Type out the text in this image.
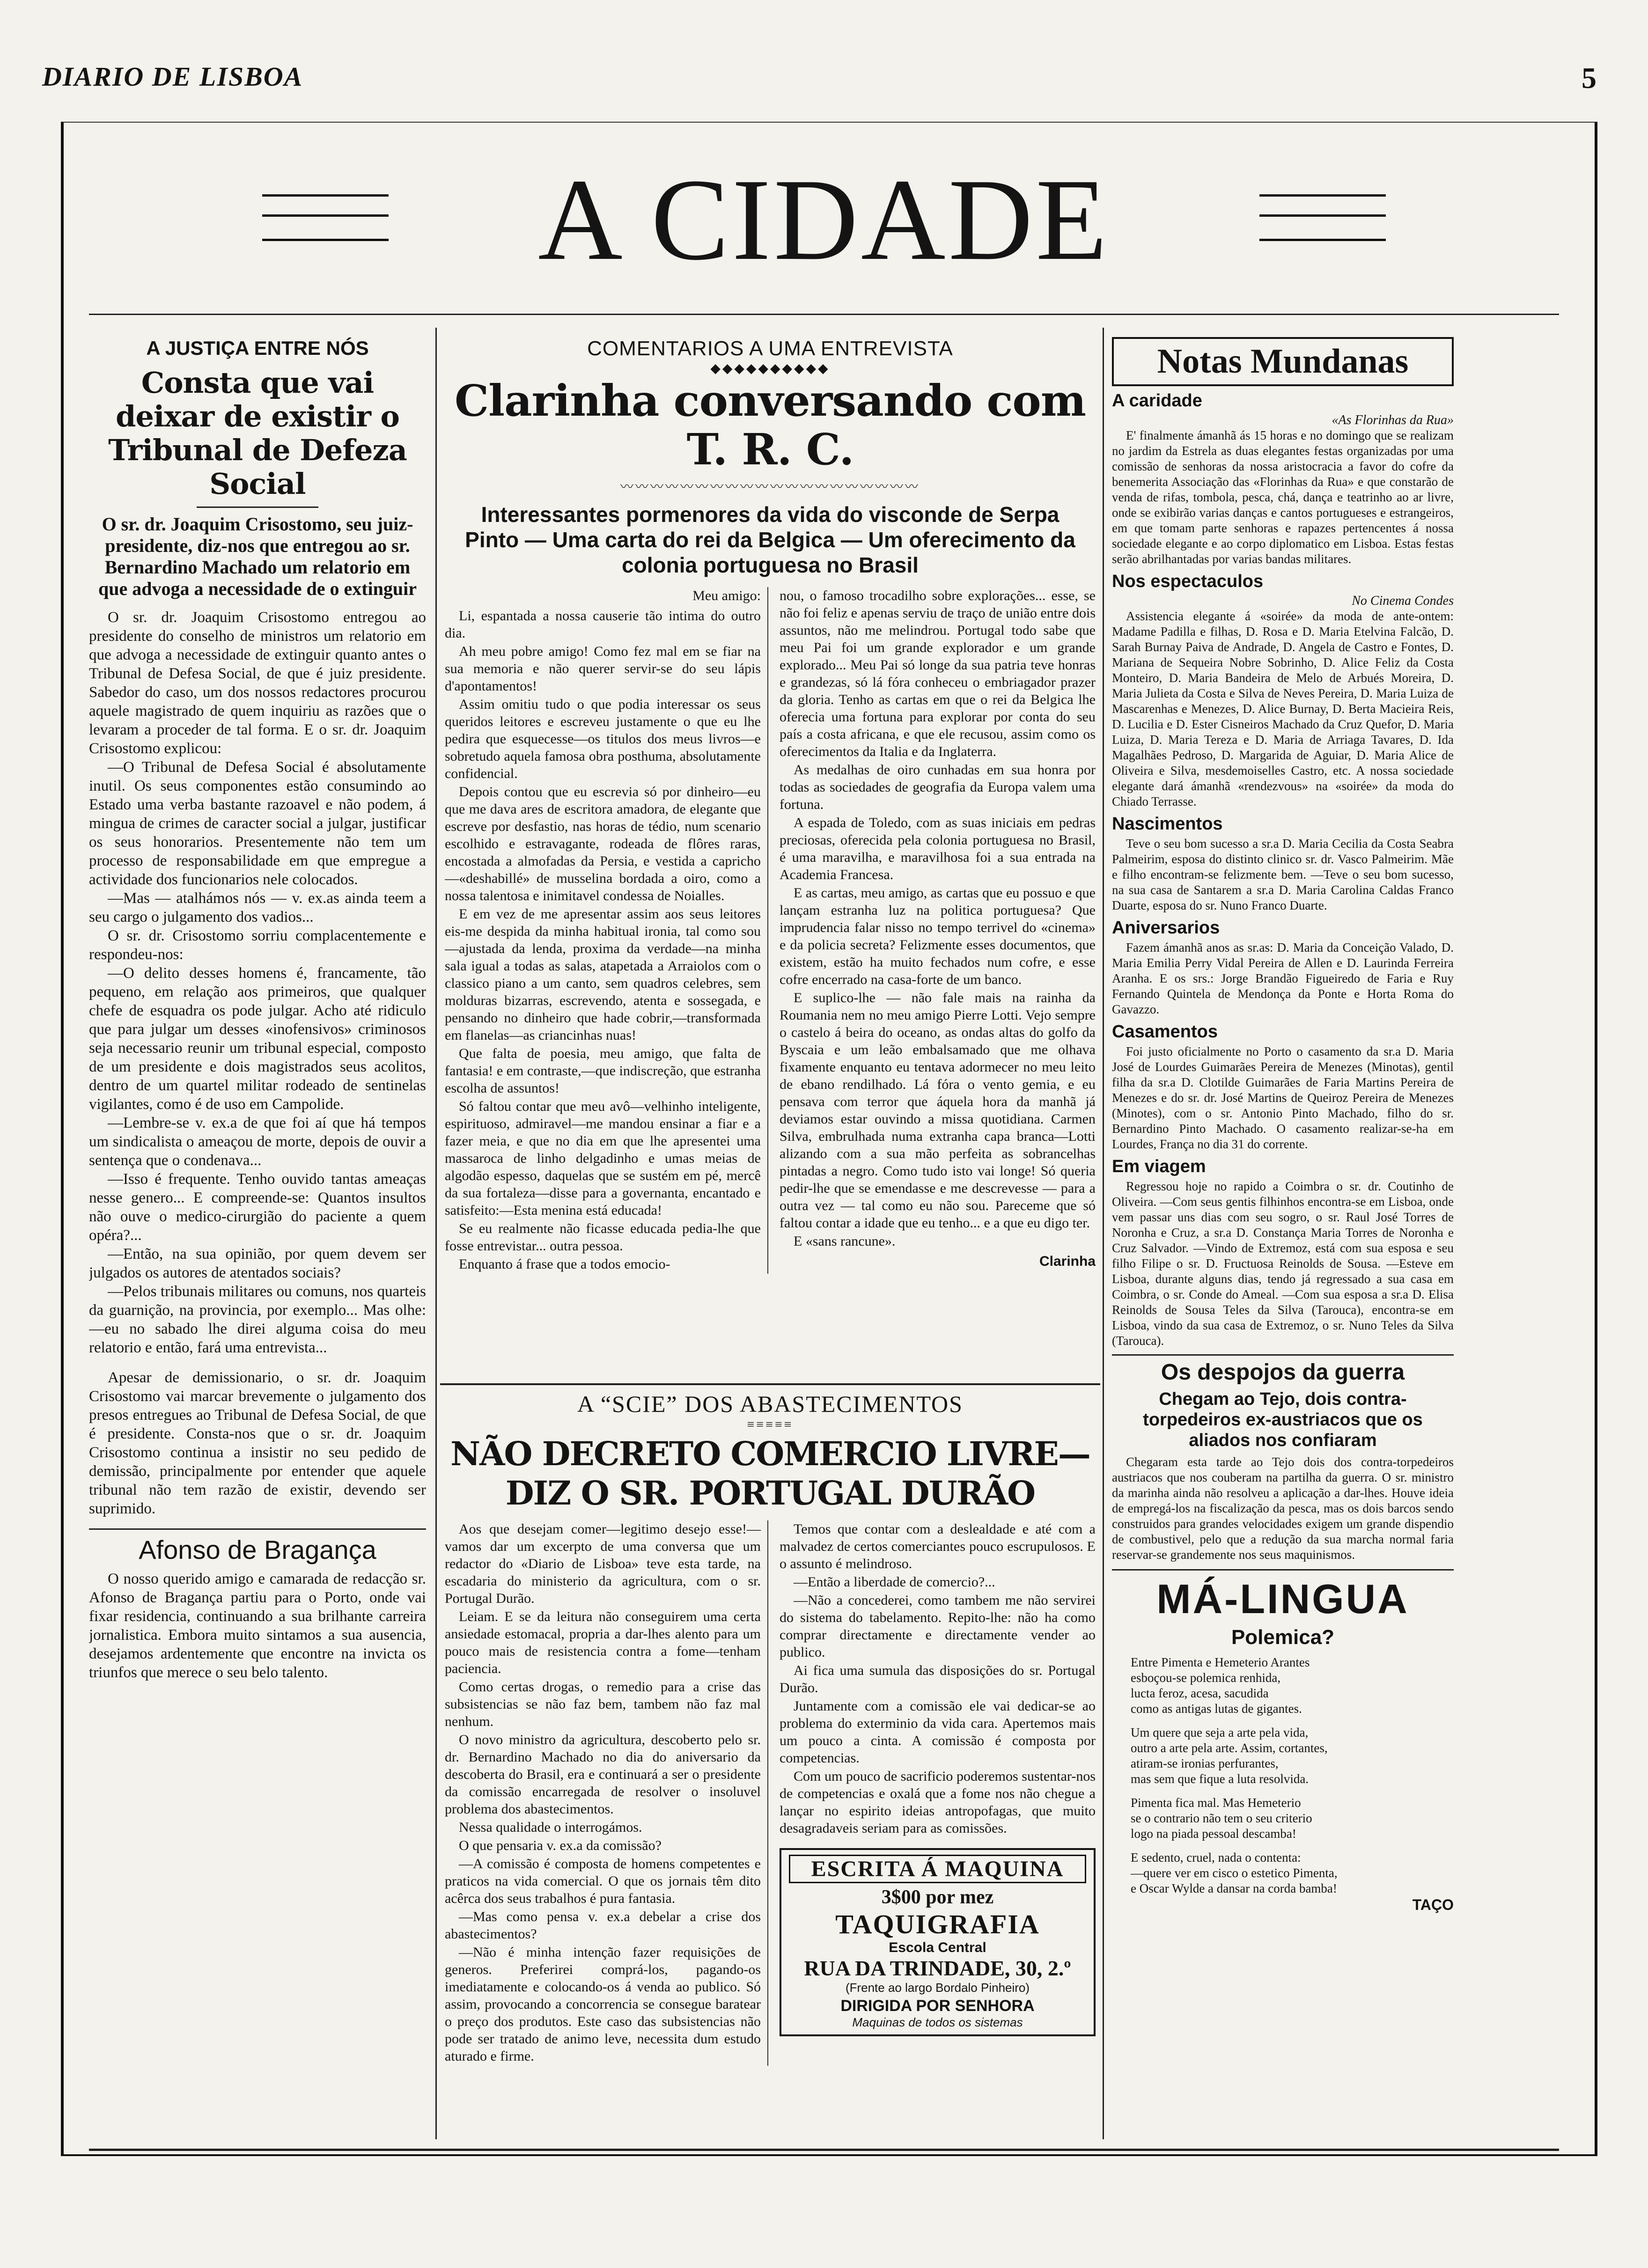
DIARIO DE LISBOA	5
A CIDADE
A JUSTIÇA ENTRE NÓS
Consta que vai deixar de existir o Tribunal de Defeza Social
O sr. dr. Joaquim Crisostomo, seu juiz-presidente, diz-nos que entregou ao sr. Bernardino Machado um relatorio em que advoga a necessidade de o extinguir

O sr. dr. Joaquim Crisostomo entregou ao presidente do conselho de ministros um relatorio em que advoga a necessidade de extinguir quanto antes o Tribunal de Defesa Social, de que é juiz presidente. Sabedor do caso, um dos nossos redactores procurou aquele magistrado de quem inquiriu as razões que o levaram a proceder de tal forma. E o sr. dr. Joaquim Crisostomo explicou:

—O Tribunal de Defesa Social é absolutamente inutil. Os seus componentes estão consumindo ao Estado uma verba bastante razoavel e não podem, á mingua de crimes de caracter social a julgar, justificar os seus honorarios. Presentemente não tem um processo de responsabilidade em que empregue a actividade dos funcionarios nele colocados.

—Mas — atalhámos nós — v. ex.as ainda teem a seu cargo o julgamento dos vadios...

O sr. dr. Crisostomo sorriu complacentemente e respondeu-nos:

—O delito desses homens é, francamente, tão pequeno, em relação aos primeiros, que qualquer chefe de esquadra os pode julgar. Acho até ridiculo que para julgar um desses «inofensivos» criminosos seja necessario reunir um tribunal especial, composto de um presidente e dois magistrados seus acolitos, dentro de um quartel militar rodeado de sentinelas vigilantes, como é de uso em Campolide.

—Lembre-se v. ex.a de que foi aí que há tempos um sindicalista o ameaçou de morte, depois de ouvir a sentença que o condenava...

—Isso é frequente. Tenho ouvido tantas ameaças nesse genero... E compreende-se: Quantos insultos não ouve o medico-cirurgião do paciente a quem opéra?...

—Então, na sua opinião, por quem devem ser julgados os autores de atentados sociais?

—Pelos tribunais militares ou comuns, nos quarteis da guarnição, na provincia, por exemplo... Mas olhe:—eu no sabado lhe direi alguma coisa do meu relatorio e então, fará uma entrevista...

Apesar de demissionario, o sr. dr. Joaquim Crisostomo vai marcar brevemente o julgamento dos presos entregues ao Tribunal de Defesa Social, de que é presidente. Consta-nos que o sr. dr. Joaquim Crisostomo continua a insistir no seu pedido de demissão, principalmente por entender que aquele tribunal não tem razão de existir, devendo ser suprimido.

Afonso de Bragança

O nosso querido amigo e camarada de redacção sr. Afonso de Bragança partiu para o Porto, onde vai fixar residencia, continuando a sua brilhante carreira jornalistica. Embora muito sintamos a sua ausencia, desejamos ardentemente que encontre na invicta os triunfos que merece o seu belo talento.

COMENTARIOS A UMA ENTREVISTA
◆◆◆◆◆◆◆◆◆◆
Clarinha conversando com T. R. C.
〰〰〰〰〰〰〰〰〰〰〰〰〰〰〰〰〰〰〰〰
Interessantes pormenores da vida do visconde de Serpa Pinto — Uma carta do rei da Belgica — Um oferecimento da colonia portuguesa no Brasil
Meu amigo:

Li, espantada a nossa causerie tão intima do outro dia.

Ah meu pobre amigo! Como fez mal em se fiar na sua memoria e não querer servir-se do seu lápis d'apontamentos!

Assim omitiu tudo o que podia interessar os seus queridos leitores e escreveu justamente o que eu lhe pedira que esquecesse—os titulos dos meus livros—e sobretudo aquela famosa obra posthuma, absolutamente confidencial.

Depois contou que eu escrevia só por dinheiro—eu que me dava ares de escritora amadora, de elegante que escreve por desfastio, nas horas de tédio, num scenario escolhido e estravagante, rodeada de flôres raras, encostada a almofadas da Persia, e vestida a capricho—«deshabillé» de musselina bordada a oiro, como a nossa talentosa e inimitavel condessa de Noialles.

E em vez de me apresentar assim aos seus leitores eis-me despida da minha habitual ironia, tal como sou—ajustada da lenda, proxima da verdade—na minha sala igual a todas as salas, atapetada a Arraiolos com o classico piano a um canto, sem quadros celebres, sem molduras bizarras, escrevendo, atenta e sossegada, e pensando no dinheiro que hade cobrir,—transformada em flanelas—as criancinhas nuas!

Que falta de poesia, meu amigo, que falta de fantasia! e em contraste,—que indiscreção, que estranha escolha de assuntos!

Só faltou contar que meu avô—velhinho inteligente, espirituoso, admiravel—me mandou ensinar a fiar e a fazer meia, e que no dia em que lhe apresentei uma massaroca de linho delgadinho e umas meias de algodão espesso, daquelas que se sustém em pé, mercê da sua fortaleza—disse para a governanta, encantado e satisfeito:—Esta menina está educada!

Se eu realmente não ficasse educada pedia-lhe que fosse entrevistar... outra pessoa.

Enquanto á frase que a todos emocio-

nou, o famoso trocadilho sobre explorações... esse, se não foi feliz e apenas serviu de traço de união entre dois assuntos, não me melindrou. Portugal todo sabe que meu Pai foi um grande explorador e um grande explorado... Meu Pai só longe da sua patria teve honras e grandezas, só lá fóra conheceu o embriagador prazer da gloria. Tenho as cartas em que o rei da Belgica lhe oferecia uma fortuna para explorar por conta do seu país a costa africana, e que ele recusou, assim como os oferecimentos da Italia e da Inglaterra.

As medalhas de oiro cunhadas em sua honra por todas as sociedades de geografia da Europa valem uma fortuna.

A espada de Toledo, com as suas iniciais em pedras preciosas, oferecida pela colonia portuguesa no Brasil, é uma maravilha, e maravilhosa foi a sua entrada na Academia Francesa.

E as cartas, meu amigo, as cartas que eu possuo e que lançam estranha luz na politica portuguesa? Que imprudencia falar nisso no tempo terrivel do «cinema» e da policia secreta? Felizmente esses documentos, que existem, estão ha muito fechados num cofre, e esse cofre encerrado na casa-forte de um banco.

E suplico-lhe — não fale mais na rainha da Roumania nem no meu amigo Pierre Lotti. Vejo sempre o castelo á beira do oceano, as ondas altas do golfo da Byscaia e um leão embalsamado que me olhava fixamente enquanto eu tentava adormecer no meu leito de ebano rendilhado. Lá fóra o vento gemia, e eu pensava com terror que áquela hora da manhã já deviamos estar ouvindo a missa quotidiana. Carmen Silva, embrulhada numa extranha capa branca—Lotti alizando com a sua mão perfeita as sobrancelhas pintadas a negro. Como tudo isto vai longe! Só queria pedir-lhe que se emendasse e me descrevesse — para a outra vez — tal como eu não sou. Pareceme que só faltou contar a idade que eu tenho... e a que eu digo ter.

E «sans rancune».

Clarinha
A “SCIE” DOS ABASTECIMENTOS
≡≡≡≡≡
NÃO DECRETO COMERCIO LIVRE—DIZ O SR. PORTUGAL DURÃO

Aos que desejam comer—legitimo desejo esse!—vamos dar um excerpto de uma conversa que um redactor do «Diario de Lisboa» teve esta tarde, na escadaria do ministerio da agricultura, com o sr. Portugal Durão.

Leiam. E se da leitura não conseguirem uma certa ansiedade estomacal, propria a dar-lhes alento para um pouco mais de resistencia contra a fome—tenham paciencia.

Como certas drogas, o remedio para a crise das subsistencias se não faz bem, tambem não faz mal nenhum.

O novo ministro da agricultura, descoberto pelo sr. dr. Bernardino Machado no dia do aniversario da descoberta do Brasil, era e continuará a ser o presidente da comissão encarregada de resolver o insoluvel problema dos abastecimentos.

Nessa qualidade o interrogámos.

O que pensaria v. ex.a da comissão?

—A comissão é composta de homens competentes e praticos na vida comercial. O que os jornais têm dito acêrca dos seus trabalhos é pura fantasia.

—Mas como pensa v. ex.a debelar a crise dos abastecimentos?

—Não é minha intenção fazer requisições de generos. Preferirei comprá-los, pagando-os imediatamente e colocando-os á venda ao publico. Só assim, provocando a concorrencia se consegue baratear o preço dos produtos. Este caso das subsistencias não pode ser tratado de animo leve, necessita dum estudo aturado e firme.

Temos que contar com a deslealdade e até com a malvadez de certos comerciantes pouco escrupulosos. E o assunto é melindroso.

—Então a liberdade de comercio?...

—Não a concederei, como tambem me não servirei do sistema do tabelamento. Repito-lhe: não ha como comprar directamente e directamente vender ao publico.

Ai fica uma sumula das disposições do sr. Portugal Durão.

Juntamente com a comissão ele vai dedicar-se ao problema do exterminio da vida cara. Apertemos mais um pouco a cinta. A comissão é composta por competencias.

Com um pouco de sacrificio poderemos sustentar-nos de competencias e oxalá que a fome nos não chegue a lançar no espirito ideias antropofagas, que muito desagradaveis seriam para as comissões.

ESCRITA Á MAQUINA
3$00 por mez
TAQUIGRAFIA
Escola Central
RUA DA TRINDADE, 30, 2.º
(Frente ao largo Bordalo Pinheiro)
DIRIGIDA POR SENHORA
Maquinas de todos os sistemas
Notas Mundanas
A caridade
«As Florinhas da Rua»

E' finalmente ámanhã ás 15 horas e no domingo que se realizam no jardim da Estrela as duas elegantes festas organizadas por uma comissão de senhoras da nossa aristocracia a favor do cofre da benemerita Associação das «Florinhas da Rua» e que constarão de venda de rifas, tombola, pesca, chá, dança e teatrinho ao ar livre, onde se exibirão varias danças e cantos portugueses e estrangeiros, em que tomam parte senhoras e rapazes pertencentes á nossa sociedade elegante e ao corpo diplomatico em Lisboa. Estas festas serão abrilhantadas por varias bandas militares.

Nos espectaculos
No Cinema Condes

Assistencia elegante á «soirée» da moda de ante-ontem: Madame Padilla e filhas, D. Rosa e D. Maria Etelvina Falcão, D. Sarah Burnay Paiva de Andrade, D. Angela de Castro e Fontes, D. Mariana de Sequeira Nobre Sobrinho, D. Alice Feliz da Costa Monteiro, D. Maria Bandeira de Melo de Arbués Moreira, D. Maria Julieta da Costa e Silva de Neves Pereira, D. Maria Luiza de Mascarenhas e Menezes, D. Alice Burnay, D. Berta Macieira Reis, D. Lucilia e D. Ester Cisneiros Machado da Cruz Quefor, D. Maria Luiza, D. Maria Tereza e D. Maria de Arriaga Tavares, D. Ida Magalhães Pedroso, D. Margarida de Aguiar, D. Maria Alice de Oliveira e Silva, mesdemoiselles Castro, etc. A nossa sociedade elegante dará ámanhã «rendezvous» na «soirée» da moda do Chiado Terrasse.

Nascimentos

Teve o seu bom sucesso a sr.a D. Maria Cecilia da Costa Seabra Palmeirim, esposa do distinto clinico sr. dr. Vasco Palmeirim. Mãe e filho encontram-se felizmente bem. —Teve o seu bom sucesso, na sua casa de Santarem a sr.a D. Maria Carolina Caldas Franco Duarte, esposa do sr. Nuno Franco Duarte.

Aniversarios

Fazem ámanhã anos as sr.as: D. Maria da Conceição Valado, D. Maria Emilia Perry Vidal Pereira de Allen e D. Laurinda Ferreira Aranha. E os srs.: Jorge Brandão Figueiredo de Faria e Ruy Fernando Quintela de Mendonça da Ponte e Horta Roma do Gavazzo.

Casamentos

Foi justo oficialmente no Porto o casamento da sr.a D. Maria José de Lourdes Guimarães Pereira de Menezes (Minotas), gentil filha da sr.a D. Clotilde Guimarães de Faria Martins Pereira de Menezes e do sr. dr. José Martins de Queiroz Pereira de Menezes (Minotes), com o sr. Antonio Pinto Machado, filho do sr. Bernardino Pinto Machado. O casamento realizar-se-ha em Lourdes, França no dia 31 do corrente.

Em viagem

Regressou hoje no rapido a Coimbra o sr. dr. Coutinho de Oliveira. —Com seus gentis filhinhos encontra-se em Lisboa, onde vem passar uns dias com seu sogro, o sr. Raul José Torres de Noronha e Cruz, a sr.a D. Constança Maria Torres de Noronha e Cruz Salvador. —Vindo de Extremoz, está com sua esposa e seu filho Filipe o sr. D. Fructuosa Reinolds de Sousa. —Esteve em Lisboa, durante alguns dias, tendo já regressado a sua casa em Coimbra, o sr. Conde do Ameal. —Com sua esposa a sr.a D. Elisa Reinolds de Sousa Teles da Silva (Tarouca), encontra-se em Lisboa, vindo da sua casa de Extremoz, o sr. Nuno Teles da Silva (Tarouca).

Os despojos da guerra
Chegam ao Tejo, dois contra-torpedeiros ex-austriacos que os aliados nos confiaram

Chegaram esta tarde ao Tejo dois dos contra-torpedeiros austriacos que nos couberam na partilha da guerra. O sr. ministro da marinha ainda não resolveu a aplicação a dar-lhes. Houve ideia de empregá-los na fiscalização da pesca, mas os dois barcos sendo construidos para grandes velocidades exigem um grande dispendio de combustivel, pelo que a redução da sua marcha normal faria reservar-se grandemente nos seus maquinismos.

MÁ-LINGUA
Polemica?
Entre Pimenta e Hemeterio Arantes
esboçou-se polemica renhida,
lucta feroz, acesa, sacudida
como as antigas lutas de gigantes.
Um quere que seja a arte pela vida,
outro a arte pela arte. Assim, cortantes,
atiram-se ironias perfurantes,
mas sem que fique a luta resolvida.
Pimenta fica mal. Mas Hemeterio
se o contrario não tem o seu criterio
logo na piada pessoal descamba!
E sedento, cruel, nada o contenta:
—quere ver em cisco o estetico Pimenta,
e Oscar Wylde a dansar na corda bamba!
TAÇO
